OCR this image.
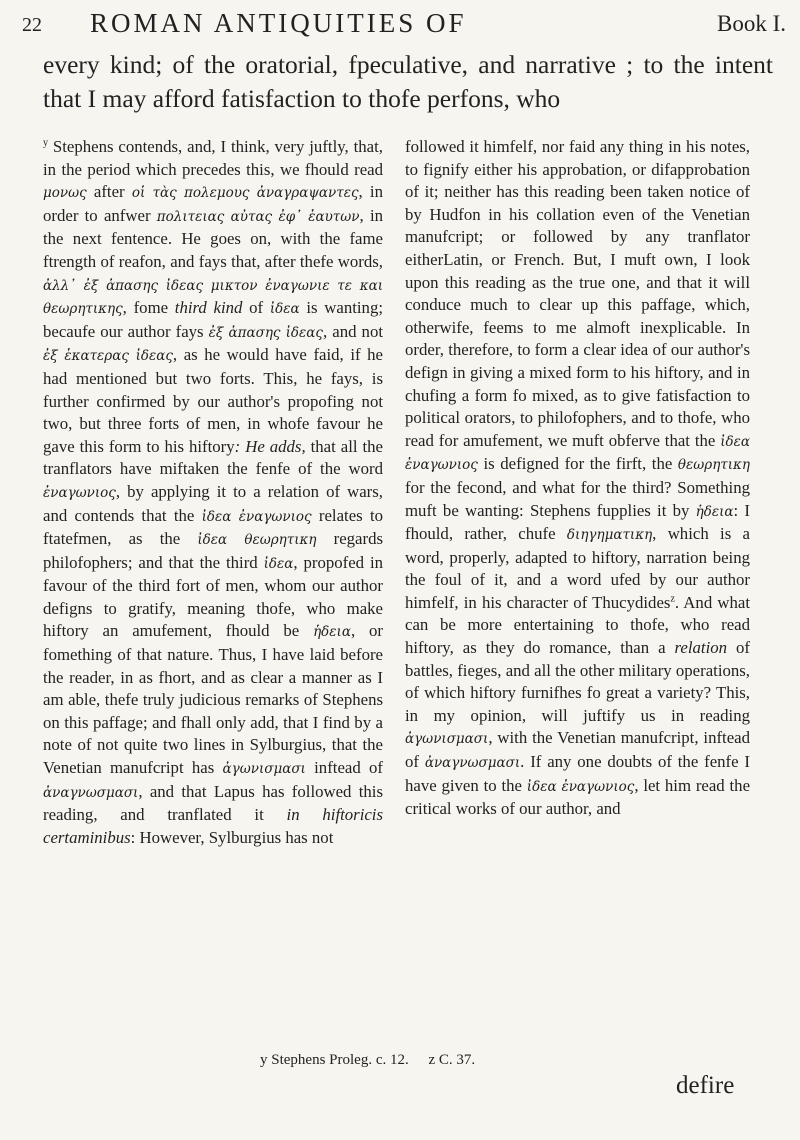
22 ROMAN ANTIQUITIES OF	Book I.
every kind; of the oratorial, fpeculative, and narrative ; to the intent that I may afford fatisfaction to thofe perfons, who

$^y$ Stephens contends, and, I think, very juftly, that, in the period which precedes this, we fhould read μονως after οἱ τὰς πολεμους ἀναγραψαντες, in order to anfwer πολιτειας αὐτας ἐφ᾽ ἑαυτων, in the next fentence. He goes on, with the fame ftrength of reafon, and fays that, after thefe words, ἀλλ᾽ ἐξ ἁπασης ἰδεας μικτον ἐναγωνιε τε και θεωρητικης, fome third kind of ἰδεα is wanting; becaufe our author fays ἐξ ἁπασης ἰδεας, and not ἐξ ἑκατερας ἰδεας, as he would have faid, if he had mentioned but two forts. This, he fays, is further confirmed by our author's propofing not two, but three forts of men, in whofe favour he gave this form to his hiftory: He adds, that all the tranflators have miftaken the fenfe of the word ἐναγωνιος, by applying it to a relation of wars, and contends that the ἰδεα ἐναγωνιος relates to ftatefmen, as the ἰδεα θεωρητικη regards philofophers; and that the third ἰδεα, propofed in favour of the third fort of men, whom our author defigns to gratify, meaning thofe, who make hiftory an amufement, fhould be ἡδεια, or fomething of that nature. Thus, I have laid before the reader, in as fhort, and as clear a manner as I am able, thefe truly judicious remarks of Stephens on this paffage; and fhall only add, that I find by a note of not quite two lines in Sylburgius, that the Venetian manufcript has ἀγωνισμασι inftead of ἀναγνωσμασι, and that Lapus has followed this reading, and tranflated it in hiftoricis certaminibus: However, Sylburgius has not

followed it himfelf, nor faid any thing in his notes, to fignify either his approbation, or difapprobation of it; neither has this reading been taken notice of by Hudfon in his collation even of the Venetian manufcript; or followed by any tranflator eitherLatin, or French. But, I muft own, I look upon this reading as the true one, and that it will conduce much to clear up this paffage, which, otherwife, feems to me almoft inexplicable. In order, therefore, to form a clear idea of our author's defign in giving a mixed form to his hiftory, and in chufing a form fo mixed, as to give fatisfaction to political orators, to philofophers, and to thofe, who read for amufement, we muft obferve that the ἰδεα ἐναγωνιος is defigned for the firft, the θεωρητικη for the fecond, and what for the third? Something muft be wanting: Stephens fupplies it by ἡδεια: I fhould, rather, chufe διηγηματικη, which is a word, properly, adapted to hiftory, narration being the foul of it, and a word ufed by our author himfelf, in his character of Thucydides$^z$. And what can be more entertaining to thofe, who read hiftory, as they do romance, than a relation of battles, fieges, and all the other military operations, of which hiftory furnifhes fo great a variety? This, in my opinion, will juftify us in reading ἀγωνισμασι, with the Venetian manufcript, inftead of ἀναγνωσμασι. If any one doubts of the fenfe I have given to the ἰδεα ἐναγωνιος, let him read the critical works of our author, and

y Stephens Proleg. c. 12. z C. 37.
defire
